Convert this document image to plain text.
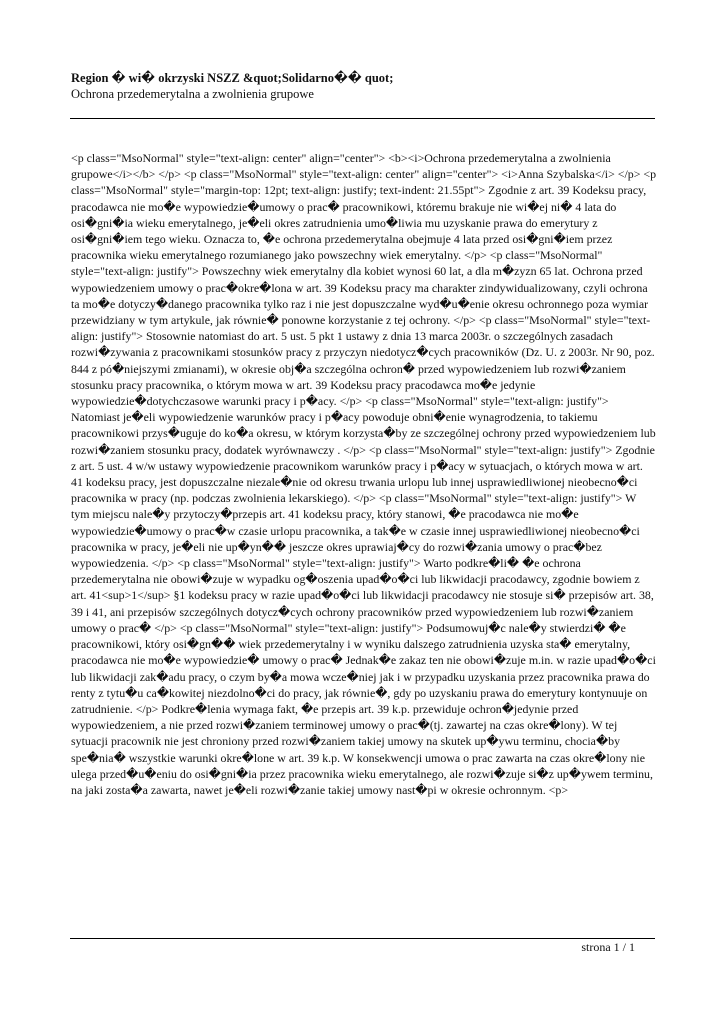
Region � wi� okrzyski NSZZ &quot;Solidarno�� quot;
Ochrona przedemerytalna a zwolnienia grupowe
<p class="MsoNormal" style="text-align: center" align="center"> <b><i>Ochrona przedemerytalna a zwolnienia grupowe</i></b> </p> <p class="MsoNormal" style="text-align: center" align="center"> <i>Anna Szybalska</i> </p> <p class="MsoNormal" style="margin-top: 12pt; text-align: justify; text-indent: 21.55pt"> Zgodnie z art. 39 Kodeksu pracy, pracodawca nie mo�e wypowiedzie�umowy o prac� pracownikowi, któremu brakuje nie wi�ej ni� 4 lata do osi�gni�ia wieku emerytalnego, je�eli okres zatrudnienia umo�liwia mu uzyskanie prawa do emerytury z osi�gni�iem tego wieku. Oznacza to, �e ochrona przedemerytalna obejmuje 4 lata przed osi�gni�iem przez pracownika wieku emerytalnego rozumianego jako powszechny wiek emerytalny. </p> <p class="MsoNormal" style="text-align: justify"> Powszechny wiek emerytalny dla kobiet wynosi 60 lat, a dla m�zyzn 65 lat. Ochrona przed wypowiedzeniem umowy o prac�okre�lona w art. 39 Kodeksu pracy ma charakter zindywidualizowany, czyli ochrona ta mo�e dotyczy�danego pracownika tylko raz i nie jest dopuszczalne wyd�u�enie okresu ochronnego poza wymiar przewidziany w tym artykule, jak równie� ponowne korzystanie z tej ochrony. </p> <p class="MsoNormal" style="text-align: justify"> Stosownie natomiast do art. 5 ust. 5 pkt 1 ustawy z dnia 13 marca 2003r. o szczególnych zasadach rozwi�zywania z pracownikami stosunków pracy z przyczyn niedotycz�cych pracowników (Dz. U. z 2003r. Nr 90, poz. 844 z pó�niejszymi zmianami), w okresie obj�a szczególna ochron� przed wypowiedzeniem lub rozwi�zaniem stosunku pracy pracownika, o którym mowa w art. 39 Kodeksu pracy pracodawca mo�e jedynie wypowiedzie�dotychczasowe warunki pracy i p�acy. </p> <p class="MsoNormal" style="text-align: justify"> Natomiast je�eli wypowiedzenie warunków pracy i p�acy powoduje obni�enie wynagrodzenia, to takiemu pracownikowi przys�uguje do ko�a okresu, w którym korzysta�by ze szczególnej ochrony przed wypowiedzeniem lub rozwi�zaniem stosunku pracy, dodatek wyrównawczy . </p> <p class="MsoNormal" style="text-align: justify"> Zgodnie z art. 5 ust. 4 w/w ustawy wypowiedzenie pracownikom warunków pracy i p�acy w sytuacjach, o których mowa w art. 41 kodeksu pracy, jest dopuszczalne niezale�nie od okresu trwania urlopu lub innej usprawiedliwionej nieobecno�ci pracownika w pracy (np. podczas zwolnienia lekarskiego). </p> <p class="MsoNormal" style="text-align: justify"> W tym miejscu nale�y przytoczy�przepis art. 41 kodeksu pracy, który stanowi, �e pracodawca nie mo�e wypowiedzie�umowy o prac�w czasie urlopu pracownika, a tak�e w czasie innej usprawiedliwionej nieobecno�ci pracownika w pracy, je�eli nie up�yn�� jeszcze okres uprawiaj�cy do rozwi�zania umowy o prac�bez wypowiedzenia. </p> <p class="MsoNormal" style="text-align: justify"> Warto podkre�li� �e ochrona przedemerytalna nie obowi�zuje w wypadku og�oszenia upad�o�ci lub likwidacji pracodawcy, zgodnie bowiem z art. 41<sup>1</sup> §1 kodeksu pracy w razie upad�o�ci lub likwidacji pracodawcy nie stosuje si� przepisów art. 38, 39 i 41, ani przepisów szczególnych dotycz�cych ochrony pracowników przed wypowiedzeniem lub rozwi�zaniem umowy o prac� </p> <p class="MsoNormal" style="text-align: justify"> Podsumowuj�c nale�y stwierdzi� �e pracownikowi, który osi�gn�� wiek przedemerytalny i w wyniku dalszego zatrudnienia uzyska sta� emerytalny, pracodawca nie mo�e wypowiedzie� umowy o prac� Jednak�e zakaz ten nie obowi�zuje m.in. w razie upad�o�ci lub likwidacji zak�adu pracy, o czym by�a mowa wcze�niej jak i w przypadku uzyskania przez pracownika prawa do renty z tytu�u ca�kowitej niezdolno�ci do pracy, jak równie�, gdy po uzyskaniu prawa do emerytury kontynuuje on zatrudnienie. </p> Podkre�lenia wymaga fakt, �e przepis art. 39 k.p. przewiduje ochron�jedynie przed wypowiedzeniem, a nie przed rozwi�zaniem terminowej umowy o prac�(tj. zawartej na czas okre�lony). W tej sytuacji pracownik nie jest chroniony przed rozwi�zaniem takiej umowy na skutek up�ywu terminu, chocia�by spe�nia� wszystkie warunki okre�lone w art. 39 k.p. W konsekwencji umowa o prac zawarta na czas okre�lony nie ulega przed�u�eniu do osi�gni�ia przez pracownika wieku emerytalnego, ale rozwi�zuje si�z up�ywem terminu, na jaki zosta�a zawarta, nawet je�eli rozwi�zanie takiej umowy nast�pi w okresie ochronnym. <p>
strona 1 / 1
